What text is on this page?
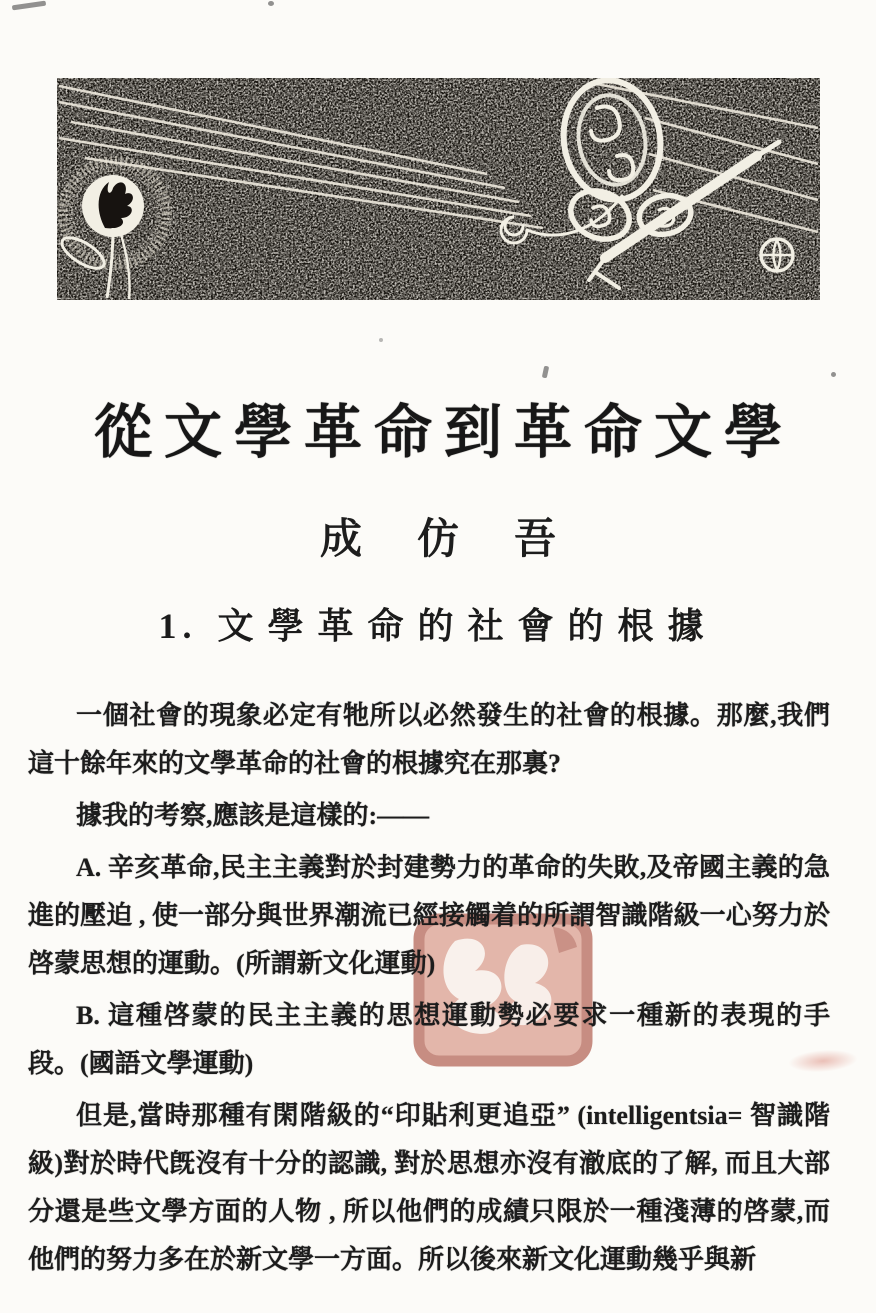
從文學革命到革命文學
成仿吾
1. 文學革命的社會的根據

一個社會的現象必定有牠所以必然發生的社會的根據。那麼,我們這十餘年來的文學革命的社會的根據究在那裏?

據我的考察,應該是這樣的:——

A. 辛亥革命,民主主義對於封建勢力的革命的失敗,及帝國主義的急進的壓迫 , 使一部分與世界潮流已經接觸着的所謂智識階級一心努力於啓蒙思想的運動。(所謂新文化運動)

B. 這種啓蒙的民主主義的思想運動勢必要求一種新的表現的手段。(國語文學運動)

但是,當時那種有閑階級的“印貼利更追亞” (intelligentsia= 智識階級)對於時代旣沒有十分的認識, 對於思想亦沒有澈底的了解, 而且大部分還是些文學方面的人物 , 所以他們的成績只限於一種淺薄的啓蒙,而他們的努力多在於新文學一方面。所以後來新文化運動幾乎與新
